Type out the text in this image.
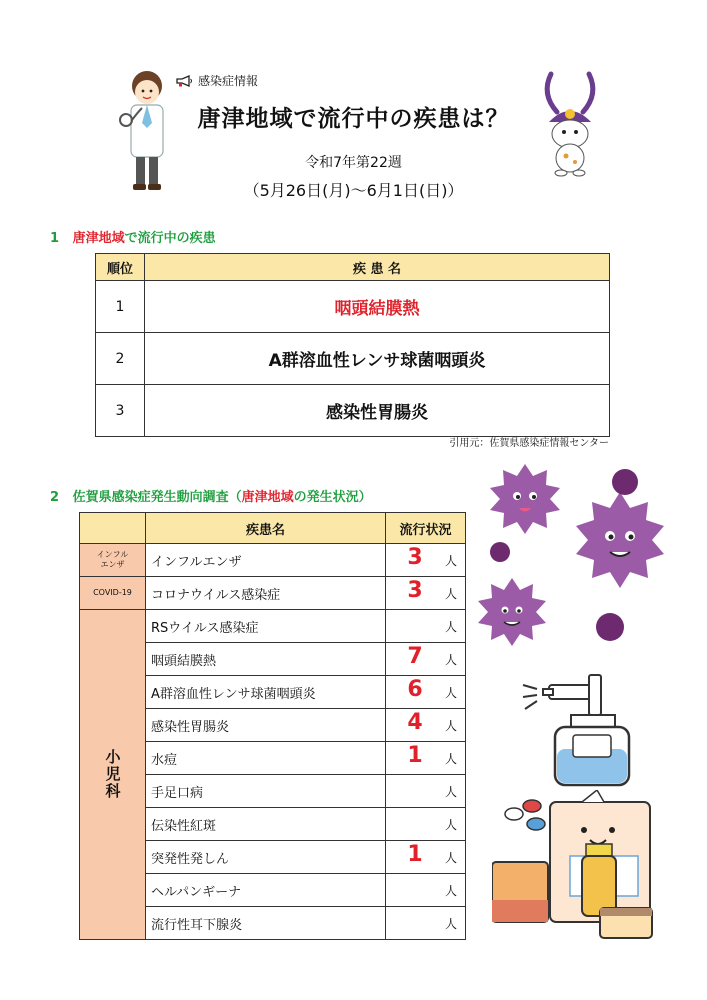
感染症情報
唐津地域で流行中の疾患は？
令和7年第22週
（5月26日(月)～6月1日(日)）
1 唐津地域で流行中の疾患
順位	疾 患 名
1	咽頭結膜熱
2	A群溶血性レンサ球菌咽頭炎
3	感染性胃腸炎
引用元：佐賀県感染症情報センター
2 佐賀県感染症発生動向調査（唐津地域の発生状況）
	疾患名	流行状況
インフル
エンザ	インフルエンザ	3 人

COVID-19	コロナウイルス感染症	3 人

小児科	RSウイルス感染症	人

	咽頭結膜熱	7 人

	A群溶血性レンサ球菌咽頭炎	6 人

	感染性胃腸炎	4 人

	水痘	1 人

	手足口病	人

	伝染性紅斑	人

	突発性発しん	1 人

	ヘルパンギーナ	人

	流行性耳下腺炎	人
